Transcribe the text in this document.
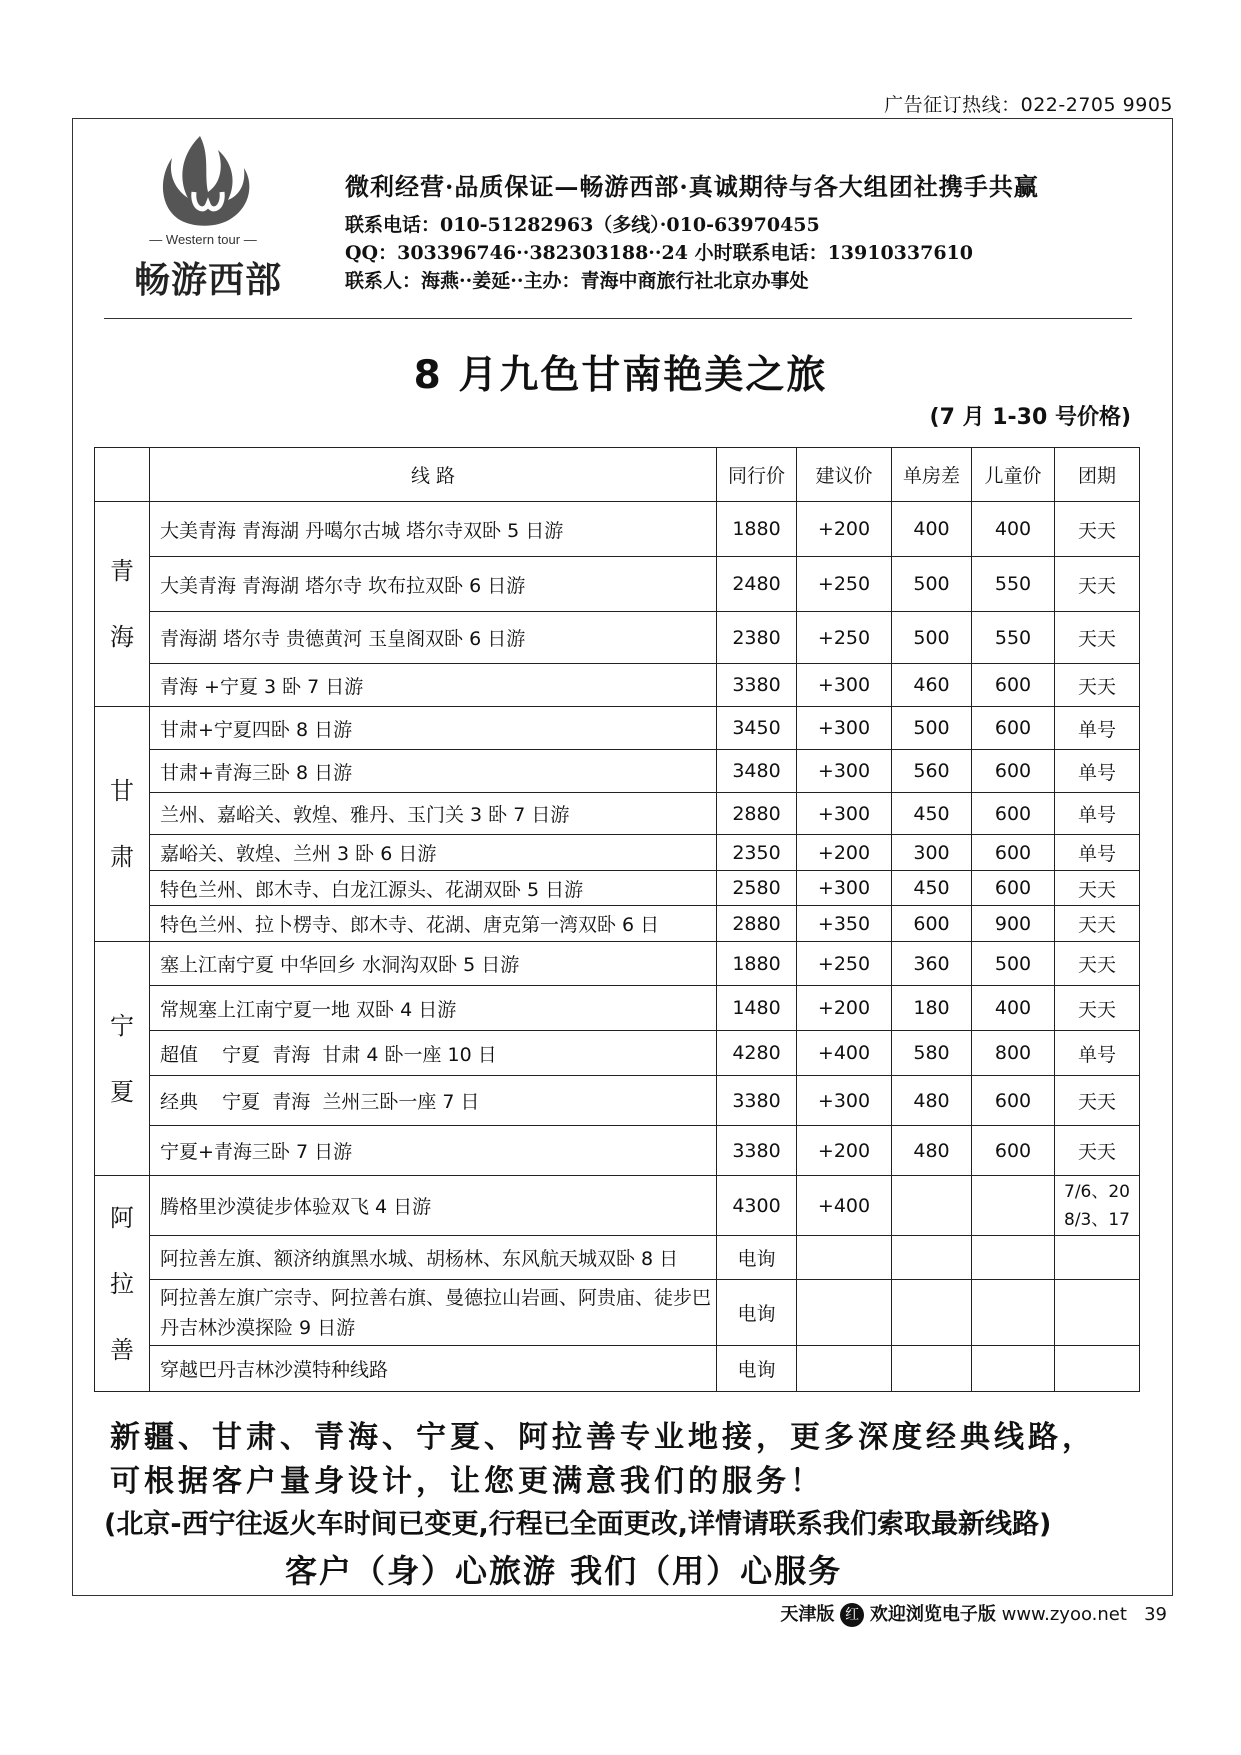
广告征订热线：022-2705 9905
— Western tour —
畅游西部
微利经营·品质保证—畅游西部·真诚期待与各大组团社携手共赢
联系电话：010-51282963（多线）·010-63970455
QQ：303396746··382303188··24 小时联系电话：13910337610
联系人：海燕··姜延··主办：青海中商旅行社北京办事处
8 月九色甘南艳美之旅
(7 月 1-30 号价格)
	线 路	同行价	建议价	单房差	儿童价	团期
青
海	大美青海 青海湖 丹噶尔古城 塔尔寺双卧 5 日游	1880	+200	400	400	天天
	大美青海 青海湖 塔尔寺 坎布拉双卧 6 日游	2480	+250	500	550	天天
	青海湖 塔尔寺 贵德黄河 玉皇阁双卧 6 日游	2380	+250	500	550	天天
	青海 +宁夏 3 卧 7 日游	3380	+300	460	600	天天
甘
肃	甘肃+宁夏四卧 8 日游	3450	+300	500	600	单号
	甘肃+青海三卧 8 日游	3480	+300	560	600	单号
	兰州、嘉峪关、敦煌、雅丹、玉门关 3 卧 7 日游	2880	+300	450	600	单号
	嘉峪关、敦煌、兰州 3 卧 6 日游	2350	+200	300	600	单号
	特色兰州、郎木寺、白龙江源头、花湖双卧 5 日游	2580	+300	450	600	天天
	特色兰州、拉卜楞寺、郎木寺、花湖、唐克第一湾双卧 6 日	2880	+350	600	900	天天
宁
夏	塞上江南宁夏 中华回乡 水洞沟双卧 5 日游	1880	+250	360	500	天天
	常规塞上江南宁夏一地 双卧 4 日游	1480	+200	180	400	天天
	超值    宁夏  青海  甘肃 4 卧一座 10 日	4280	+400	580	800	单号
	经典    宁夏  青海  兰州三卧一座 7 日	3380	+300	480	600	天天
	宁夏+青海三卧 7 日游	3380	+200	480	600	天天
阿
拉
善	腾格里沙漠徒步体验双飞 4 日游	4300	+400			7/6、20
8/3、17
	阿拉善左旗、额济纳旗黑水城、胡杨林、东风航天城双卧 8 日	电询				
	阿拉善左旗广宗寺、阿拉善右旗、曼德拉山岩画、阿贵庙、徒步巴丹吉林沙漠探险 9 日游	电询				
	穿越巴丹吉林沙漠特种线路	电询				
新疆、甘肃、青海、宁夏、阿拉善专业地接，更多深度经典线路，
可根据客户量身设计，让您更满意我们的服务！
(北京-西宁往返火车时间已变更,行程已全面更改,详情请联系我们索取最新线路)
客户（身）心旅游 我们（用）心服务
天津版 红 欢迎浏览电子版 www.zyoo.net 39
